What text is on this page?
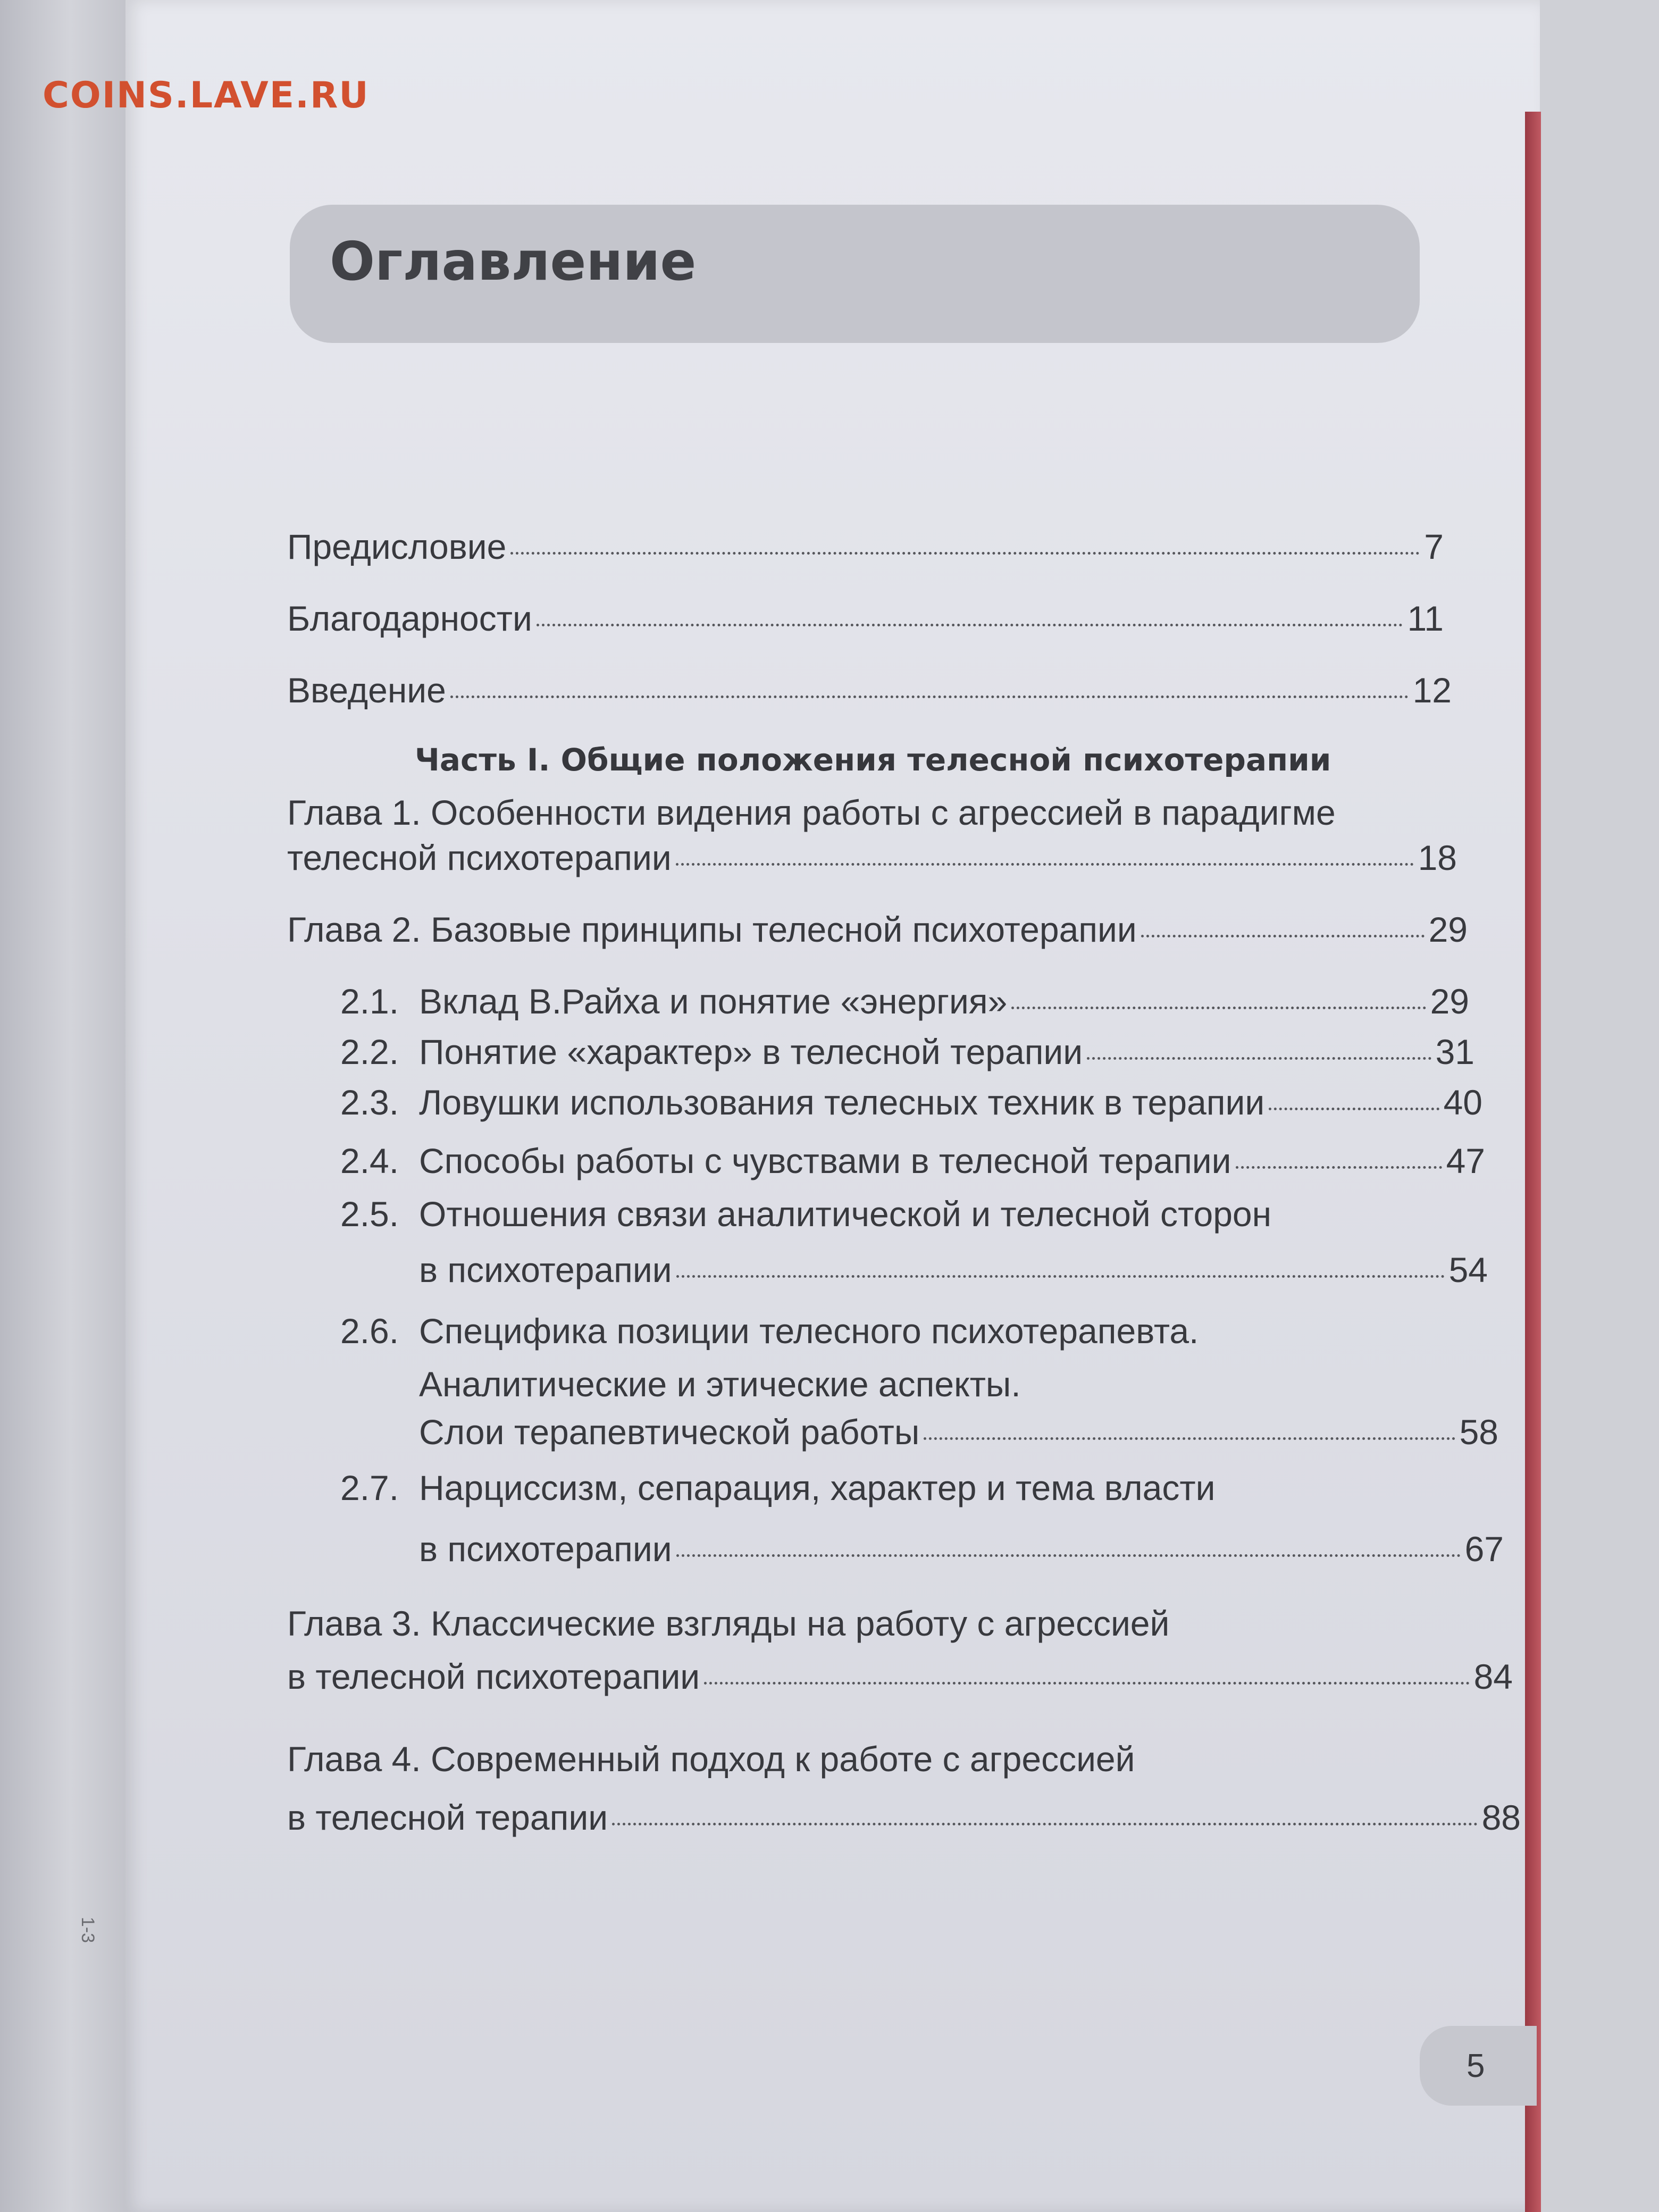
1-3
COINS.LAVE.RU
Оглавление
Предисловие	7
Благодарности	11
Введение	12
Часть I. Общие положения телесной психотерапии
Глава 1. Особенности видения работы с агрессией в парадигме
телесной психотерапии	18
Глава 2. Базовые принципы телесной психотерапии	29
2.1. Вклад В.Райха и понятие «энергия»	29
2.2. Понятие «характер» в телесной терапии	31
2.3. Ловушки использования телесных техник в терапии	40
2.4. Способы работы с чувствами в телесной терапии	47
2.5. Отношения связи аналитической и телесной сторон
в психотерапии	54
2.6. Специфика позиции телесного психотерапевта.
Аналитические и этические аспекты.
Слои терапевтической работы	58
2.7. Нарциссизм, сепарация, характер и тема власти
в психотерапии	67
Глава 3. Классические взгляды на работу с агрессией
в телесной психотерапии	84
Глава 4. Современный подход к работе с агрессией
в телесной терапии	88
5
